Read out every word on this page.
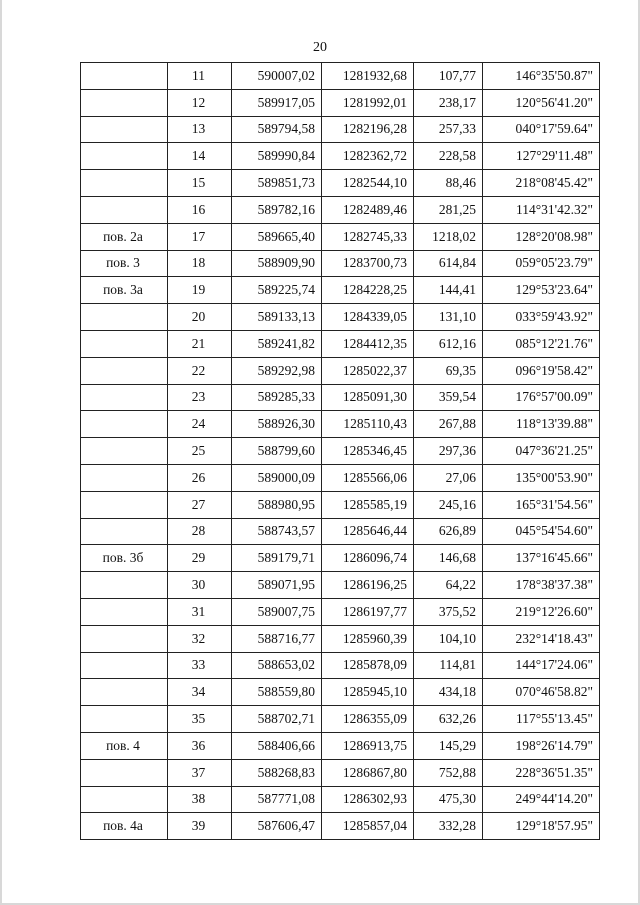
20
	11	590007,02	1281932,68	107,77	146°35'50.87"
	12	589917,05	1281992,01	238,17	120°56'41.20"
	13	589794,58	1282196,28	257,33	040°17'59.64"
	14	589990,84	1282362,72	228,58	127°29'11.48"
	15	589851,73	1282544,10	88,46	218°08'45.42"
	16	589782,16	1282489,46	281,25	114°31'42.32"
пов. 2а	17	589665,40	1282745,33	1218,02	128°20'08.98"
пов. 3	18	588909,90	1283700,73	614,84	059°05'23.79"
пов. 3а	19	589225,74	1284228,25	144,41	129°53'23.64"
	20	589133,13	1284339,05	131,10	033°59'43.92"
	21	589241,82	1284412,35	612,16	085°12'21.76"
	22	589292,98	1285022,37	69,35	096°19'58.42"
	23	589285,33	1285091,30	359,54	176°57'00.09"
	24	588926,30	1285110,43	267,88	118°13'39.88"
	25	588799,60	1285346,45	297,36	047°36'21.25"
	26	589000,09	1285566,06	27,06	135°00'53.90"
	27	588980,95	1285585,19	245,16	165°31'54.56"
	28	588743,57	1285646,44	626,89	045°54'54.60"
пов. 3б	29	589179,71	1286096,74	146,68	137°16'45.66"
	30	589071,95	1286196,25	64,22	178°38'37.38"
	31	589007,75	1286197,77	375,52	219°12'26.60"
	32	588716,77	1285960,39	104,10	232°14'18.43"
	33	588653,02	1285878,09	114,81	144°17'24.06"
	34	588559,80	1285945,10	434,18	070°46'58.82"
	35	588702,71	1286355,09	632,26	117°55'13.45"
пов. 4	36	588406,66	1286913,75	145,29	198°26'14.79"
	37	588268,83	1286867,80	752,88	228°36'51.35"
	38	587771,08	1286302,93	475,30	249°44'14.20"
пов. 4а	39	587606,47	1285857,04	332,28	129°18'57.95"
